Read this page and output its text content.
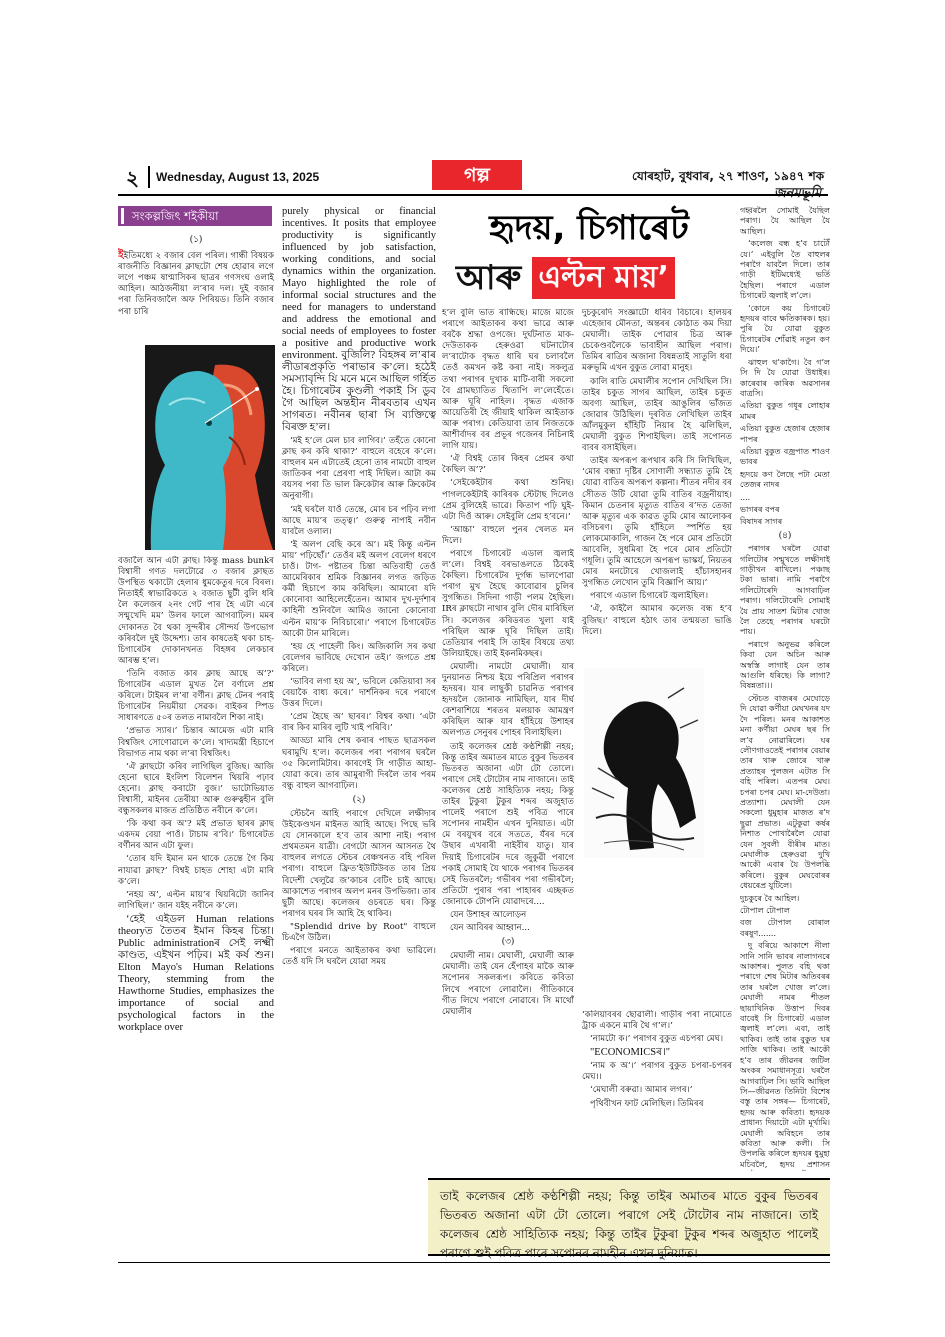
২ Wednesday, August 13, 2025	গল্প	যোৰহাট, বুধবাৰ, ২৭ শাওণ, ১৯৪৭ শক
সংকল্পজিৎ শইকীয়া
(১)

ইইতিমধ্যে ২ বজাৰ বেল পৰিল। গান্ধী বিষয়ক ৰাজনীতি বিজ্ঞানৰ ক্লাছটো শেষ হোৱাৰ লগে লগে পঞ্চম ষাণ্মাসিকৰ ছাত্ৰৰ গণসংঘ ওলাই আহিল। আঠজনীয়া ল’ৰাৰ দল। দুই বজাৰ পৰা তিনিবজালৈ অফ পিৰিয়ড। তিনি বজাৰ পৰা চাৰি

বজালৈ আন এটা ক্লাছ। কিন্তু mass bunkৰ বিশ্বাসী গণত দলটোৱে ৩ বজাৰ ক্লাছত উপস্থিত থকাটো হেলাৰ ধুমকেতুৰ দৰে বিৰল। নিতাইহঁ স্বাভাৱিকতে ২ বজাত ছুটী বুলি ধৰি লৈ কলেজৰ ২নং গেট পাৰ হৈ এটা এৰে সন্মুখেদি মম’ উলৰ ফালে আগবাঢ়িল। মমৰ দোকানত বৈ থকা সুন্দৰীৰ সৌন্দৰ্য উপভোগ কৰিবলৈ দুই উদ্দেশ্য। তাৰ কাষতেই থকা চাহ-চিগাৰেটৰ দোকানখনত বিহঙ্গৰ লেকচাৰ আৰম্ভ হ’ল।

‘তিনি বজাত কাৰ ক্লাছ আছে অ’?’ চিগাৰেটৰ এডাল মুখত লৈ বৰ্ণালে প্ৰশ্ন কৰিলে। টাইমৰ ল’ৰা বৰ্ণীন। ক্লাছ টেনৰ পৰাই চিগাৰেটৰ নিয়মীয়া সেৱক। বাইকৰ স্পিড সাধাৰণতে ৫০ৰ তলত নামাবলৈ শিকা নাই।

‘প্ৰভাত স্যাৰ।’ চিন্তাৰ আমেজ এটা মাৰি বিশ্বজিৎ সোণোৱালে ক’লে। খাদ্যমন্ত্ৰী হিচাপে বিভাগত নাম থকা ল’ৰা বিশ্বজিৎ।

‘ঐ ক্লাছটো কৰিব লাগিছিল বুজিছ। আজি হেনো ছাৰে ইংলিশ বিলেশন থিয়ৰি পঢ়াব হেনো। ক্লাছ কৰাটো বুজ।’ ভাটোভিয়াত বিশ্বাসী, মাইনৰ তেৰীয়া আৰু গুৰুত্বহীন বুলি বন্ধুসকলৰ মাজত প্ৰতিষ্ঠিত নবীনে ক’লে।

‘কি কথা কৰ অ’? মই প্ৰভাত ছাৰৰ ক্লাছ একদম বেয়া পাওঁ। টাচাম ৰ’বি।’ চিগাৰেটত বৰ্ণীনৰ আন এটা ফুল।

‘তোৰ যদি ইমান মন থাকে তেন্তে গৈ কিয় নাযাৱা ক্লাছ?’ বিশ্বই চাহত শোহা এটা মাৰি ক’লে।

‘নহয় অ’, এল্টন মায়’ৰ থিয়ৰিটো জানিব লাগিছিল।’ জান যইহ নবীনে ক’লে।

‘হেই এইডল Human relations theoryত তৈতৰ ইমান কিহৰ চিন্তা। Public administrationৰ সেই লক্ষ্মী কাণ্ডত, এইখন পঢ়িব। মই কৰ্ষ শুন। Elton Mayo's Human Relations Theory, stemming from the Hawthorne Studies, emphasizes the importance of social and psychological factors in the workplace over

purely physical or financial incentives. It posits that employee productivity is significantly influenced by job satisfaction, working conditions, and social dynamics within the organization. Mayo highlighted the role of informal social structures and the need for managers to understand and address the emotional and social needs of employees to foster a positive and productive work environment. বুজিলি? বিহঙ্গৰ ল’ৰাৰ লীডাৰপ্ৰকৃতি পৰাভাৰ ক’লে। হঠেই সমস্যাবৃন্দি যি মনে মনে আছিল গৰ্হিত হৈ। চিগাৰেটৰ কুণ্ডলী পকাই সি ডুব গৈ আছিল অন্তহীন নীৰবতাৰ এখন সাগৰত। নবীনৰ ছাৰা সি ব্যক্তিত্বে বিৰক্ত হ’ল।

‘মই হ’লে মেল চাব লাগিব।’ তহঁতে কোনো ক্লাছ কৰ কৰি থাকা?’ বাহুলে বহেৰে ক’লে। বাহুলৰ মন এটাতেই হেনো তাৰ নামটো বাহুল জাতিকৰ পৰা প্ৰেৰণা পাই দিছিল। আটা কম বয়সৰ পৰা তি ভাল ক্ৰিকেটাৰ আৰু ক্ৰিকেটৰ অনুৰাগী।

‘মই ঘৰলৈ যাওঁ তেন্তে, মোৰ চৰ পঢ়িব লগা আছে মায়’ৰ তত্ত্ব।’ গুৰুত্ব নাপাই নবীন যাবলৈ ওলাল।

‘ই অলপ বেছি কৰে অ’। মই কিন্তু এল্টন মায়’ পঢ়িছোঁ।’ তেওঁৰ মই অলপ বেলেগ ধৰণে চাওঁ। টাগ- পষ্টাতৰ চিন্তা অতিবাহী তেওঁ আমেৰিকাৰ শ্ৰমিক বিজ্ঞানৰ লগত জড়িত কৰ্মী হিচাপে কাম কৰিছিল। আমাৰো যদি কোনোবা আহিলেহেঁতেন। আমাৰ দুখ-দুৰ্দশাৰ কাহিনী শুনিবলৈ আমিও জানো কোনোবা এল্টন মায়’ক নিবিচাৰো।’ পৰাগে চিগাৰেটত আকৌ টান মাৰিলে।

‘হয় হে পাহেলী কিং। অজিকালি সৰ কথা বেলেগৰ ভাবিছে দেখোন তই।’ জগতে প্ৰশ্ন কৰিলে।

‘ভাবিব লগা হয় অ’, ভবিলে কেতিয়াবা সৰ বেয়াকৈ বাধ্য কৰে।’ দাৰ্শনিকৰ দৰে পৰাগে উত্তৰ দিলে।

‘প্ৰেম হৈছে অ’ ছাৰৰ।’ বিশ্বৰ কথা। ‘এটা বাৰ কিব মাৰিব লুটি খাই পৰিবি।’

আড্ডা মাৰি শেষ কৰাৰ পাছত ছাত্ৰসকল ঘৰামুখি হ’ল। কলেজৰ পৰা পৰাগৰ ঘৰলৈ ৩৫ কিলোমিটাৰ। কাৰণেই সি গাড়ীত আহা-যোৱা কৰে। তাৰ আমুৰাগী দিৰলৈ তাৰ পৰম বন্ধু বাহুল আগবাঢ়িল।

(২)

স্টেচনৈ আহি পৰাগে দেখিলে লক্ষীদাৰ উইকেণ্ডখন মাইনত আহি আছে। পিছে ভৰি যে সোনকালে হ’ব তাৰ আশা নাই। পৰাগ প্ৰথমতমন যাত্ৰী। বেগটো আসন আসনত থৈ বাহুলৰ লগতে স্টেচৰ বেঞ্চখনত বহি পৰিল পৰাগ। বাহুলে ফ্ৰিত’ইউটিউবত তাৰ প্ৰিয় বিদেশী খেলুৱৈ জ’কাচৰ বেটিং চাই আছে। আকাশেত পৰাগৰ অলপ মনৰ উপভিজা। তাৰ ছুটী আছে। কলেজৰ ওচৰতে ঘৰ। কিন্তু পৰাগৰ ঘৰৰ সি আহি হৈ থাকিব।

"Splendid drive by Root" বাহুলে চিএগৈ উঠিল।

পৰাগে মনতে আইতাকৰ কথা ভাৱিলে। তেওঁ যদি সি ঘৰলৈ যোৱা সময়

হৃদয়, চিগাৰেট
আৰু এল্টন মায়’

হ’ল বুলি ভাত ৰান্ধিছে। মাজে মাজে পৰাগে আইতাকৰ কথা ভাৱে আৰু বৰকৈ শ্ৰদ্ধা ওপজে। দুৰ্ঘটনাত মাক-দেউতাকক হেৰুওৱা ঘটনাটোৰ ল’ৰাটোক বৃদ্ধত ধাৰি ঘৰ চলাবলৈ তেওঁ কমখন কষ্ট কৰা নাই। সকলুত্ৰ তথা পৰাগৰ দুখাক মাটি-বাৰী সকলো বৈ গ্ৰামছ্যাতিত থিতাপি ল’লেহেঁতে। আৰু ঘূৰি নাহিল। বৃদ্ধত এজাক আয়েতিৰী হৈ জীয়াই থাকিল আইতাক আৰু পৰাগ। কেতিয়াবা তাৰ নিজতকে আশীৰ্বাদৰ বৰ প্ৰভূৰ গজেনৰ নিচিনাই লাগি যায়।

‘ঐ বিশ্বই তোৰ কিহৰ প্ৰেমৰ কথা কৈছিল অ’?’

‘সেইকেইটাৰ কথা শুনিছ। পাগলকেইটাই কাৰিৰক স্টেটাছ দিলেও প্ৰেম বুলিহেই ভাৱে। কিতাপ পঢ়ি ঘুই-এটা দিওঁ আৰু। সেইবুলি প্ৰেম হ’বনে।’

‘আচ্চা’ বাহুলে পুনৰ খেলত মন দিলে।

পৰাগে চিগাৰেট এডাল জ্বলাই ল’লে। বিশ্বই বৰভাঙলতে ঠিকেই কৈছিল। চিগাৰেটৰ দুৰ্গন্ধ ভালপোৱা পৰাগ মুখ হৈছে কাবোৱাৰ চুলিৰ সুগন্ধিত। সিদিনা গাড়ী পলম হৈছিল। IRৰ ক্লাছটো নাথাৰ বুলি দৌৰ মাৰিছিল সি। কলেজৰ কৰিডৰত খুলা যাই পৰিছিল আৰু ঘূৰি দিছিল তাই। তেতিয়াৰ পৰাই সি তাইৰ বিষয়ে তথ্য উলিয়াইছে। তাই ইকনমিকছৰ।

মেঘালী। নামটো মেঘালী। যাৰ দুনয়ানত নিশ্চয় ইয়ে পৰিপ্ৰিল পৰাগৰ হৃদয়ৰ। যাৰ লাছুকী চাৱনিত পৰাগৰ হৃদয়লৈ জোনাক নামিছিল, যাৰ দীৰ্ঘ কেশৰাশিয়ে শৰতৰ মলয়াক আমন্ত্ৰণ কৰিছিল আৰু যাৰ হাঁহিয়ে উশাহৰ অলপ্যত সেনুৰৰ পোহৰ বিলাইছিল।

তাই কলেজৰ শ্ৰেষ্ঠ কণ্ঠশিল্পী নহয়; কিন্তু তাইৰ অমাতৰ মাতে বুকুৰ ভিতৰৰ ভিতৰত অজানা এটা টো তোলে। পৰাগে সেই টোটোৰ নাম নাজানে। তাই কলেজৰ শ্ৰেষ্ঠ সাহিত্যিক নহয়; কিন্তু তাইৰ টুকুৰা টুকুৰ শব্দৰ অজুহাত পালেই পৰাগে শুই পবিত্ৰ পাৰে সপোনৰ নামহীন এখন দুনিয়াত। এটা মে বৰযুখৰ বৰে সততে, যঁৰৰ দৰে উছাৰ এখৰাৰী নাইবীৰ যাতু। যাৰ দিয়াই চিগাৰেটৰ দৰে জুকুৱী পৰাগে পকাই সোমাই যৈ থাকে পৰাগৰ ভিতৰৰ সেই ভিতৰলৈ; গভীৰৰ পৰা গভীৰলৈ; প্ৰতিটো পুৰাৰ পৰা পাহাৰৰ এচ্ছকত জোনাকে টোপনি যোৱাদৰে....

যেন উশাহৰ আলোড়ন

যেন আবিৰৰ আহ্বান...

(৩)

মেঘালী নাম। মেঘালী, মেঘালী আৰু মেঘালী। তাই যেন হেঁপাহৰ মাকৈ আৰু সপোনৰ সকলৰূপ। কবিতে কবিতা লিখে পৰাগে লোৱালৈ। গীতিকাৰে গীত লিখে পৰাগে নোৱাৰে। সি মাথোঁ মেঘালীৰ

দুচকুৰেদি সংজ্ঞাটো ধৰিব বিচাৰে। হালয়ৰ এহেজাৰ মৌনতা, অন্তৰৰ কোঠাত কম দিয়া মেঘালী। তাইক পোৱাৰ চিত্ৰ আৰু চেকেণ্ডবলৈকে ভাবাহীন আছিল পৰাগ। তিমিৰ ৰাত্ৰিৰ অজানা বিষন্নতাই সাতুলি ধৰা মৰুভূমি এখন বুকুত লোৱা মানুহ।

কালি ৰাতি মেঘালীৰ সপোন দেখিছিল সি। তাইৰ চকুত সাগৰ আছিল, তাইৰ চকুত অবণ্য আছিল, তাইৰ আঙুলিৰ ভাঁজত জোৱাৰ উঠিছিল। দূৰবিত লেখিছিল তাইৰ আঁলমুকুল হাঁহিটি নিয়াৰ হৈ ঝলিছিল, মেঘালী বুকুত শিপাইছিল। তাই সপোনত বাবৰ বসাইছিল।

তাইৰ অপৰূপ ৰূপথাৰ কৰি সি লিখিছিল, ‘মোৰ বন্ধ্যা দৃষ্টিৰ সোণালী সন্ধ্যাত তুমি হৈ যোৱা বাতিৰ অপৰূপ কল্পনা। শীতৰ নদীৰ বৰ সেীতত উটি যোৱা তুমি বাতিৰ বজ্ৰনীয়াহ। কিমান চেতনাৰ মৃত্যুত বাতিৰ ৰ’দত তেজা আৰু মৃত্যুৰ এক কাৱত তুমি মোৰ আলোকৰ বসিচৰণ। তুমি হাঁহিলে স্পৰ্শিত হয় লোকমোকালি, গাজন হৈ পৰে মোৰ প্ৰতিটো আবেলি, সুধমিৰা হৈ পৰে মোৰ প্ৰতিটো গধূলি। তুমি আহেলে অপৰূপ ভাস্কৰ্য, নিয়তৰ মোৰ মনটোৰে খোজলাই হাঁচাসহানৰ সুগন্ধিত লেখোন তুমি বিজ্ঞাপি আয়।’

পৰাগে এডাল চিগাৰেট জ্বলাইছিল।

‘ঐ, কাইলৈ আমাৰ কলেজ বন্ধ হ’ব বুজিছ।’ বাহুলে হঠাৎ তাৰ তন্ময়তা ভাঙি দিলে।

‘কলিয়াবৰৰ ছোৱালী। গাড়ীৰ পৰা নামোতে ট্ৰাক একনে মাৰি থৈ গ’ল।’

‘নামটো ক।’ পৰাগৰ বুকুত এচপৰা মেঘ।

"ECONOMICSৰ।"

‘নাম ক অ’।’ পৰাগৰ বুকুত চপৰা-চপৰৰ মেঘ।।

‘মেঘালী বৰুৱা। আমাৰ লগৰ।’

পৃথিবীখন ফাট মেলিছিল। তিমিৰৰ

গহ্বৰলৈ সোমাই যৈছিল পৰাগ। যৈ আছিল যৈ আছিল।

‘কলেজ বন্ধ হ’ব চাটোঁ যে।’ এইবুলি তৈ বাহুলৰ পৰাগৈ যাবলৈ দিলে। তাৰ গাড়ী ইটিমধ্যেই ভৰ্তি হৈছিল। পৰাগে এডাল চিগাৰেট জ্বলাই ল’লে।

‘কোনে কয় চিগাৰেট হৃদয়ৰ বাবে ক্ষতিকাৰক। হয়। পুৰি যৈ যোৱা বুকুত চিগাৰেটৰ শোঁৱাই নতুন কণ দিয়ে।’

ঝাহুল থ’কাগৈ। বৈ গ’ল সি দি যৈ যোৱা উধাইৰ। কাৰেবাৰ কাৰিক অৱসানৰ বাত্ৰসি।

এতিয়া বুকুত গধূৰ লোহাৰ মামৰ

এতিয়া বুকুত হেজাৰ হেজাৰ পাপৰ

এতিয়া বুকুত বজ্ৰপাত শাওণ ভাবৰ

হৃদয়ে কণ লৈছে পটা মেতা তেজৰ নাদৰ

....

ভাগৰৰ বপৰ

বিষাদৰ সাগৰ

(৪)

পৰাগৰ ঘৰলৈ যোৱা গলিটোৰ সন্মুখতে লক্ষীদাই গাড়ীখন ৰাখিলে। পঞ্চাছ টকা ভাৰা। নামি পৰাগৈ গলিটোৰেদি আগবাঢ়িল পৰাগ। গলিটোৰেদি সোমাই যৈ প্ৰায় সাতশ মিটাৰ খোজ লৈ তেহে পৰাগৰ ঘৰটো পায়।

পৰাগে অনুভৱ কৰিলে কিবা যেন অচিন আৰু অস্বস্তি লাগাই যেন তাৰ আগুলি ধৰিছে। কি লাগা? বিষন্নতা।।।

স্টেচত বাজৰৰ মেঘোড়ে দি যোৱা কৰ্ণীয়া মেঘখনৰ যদ দৈ পৰিল। মনৰ আকাশত মনা কৰ্ণীয়া মেঘৰ ছৰ সি ল’ব নোৱাৰিলে। ঘৰ লৌণগাওতেই পৰাগৰ বেয়াৰ তাৰ খাৰু জোৰে খাৰু প্ৰত্যাহৰ পুলজন এটাত সি বহি পৰিল। এতপৰ মেঘ। চপৰা চপৰ মেঘ। মা-দেউতা। প্ৰত্যাশা। মেঘালী যেন সকলো ধুমুহাৰ মাজত ৰ’দ ছুৱা প্ৰভাত। এটুকুৱা কৰ্ষৰ নিশাত পোখাৰৈলৈ যোৱা যেন সুবলী বীৰীৰ মাত। মেঘালীক হেৰুওৱা দুখি আকৌ এবাৰ যৈ উপলব্ধি কৰিলে। বুকুৰ মেঘবোৰৰ ধেয়ৰেপ্ৰ যুটিলে।

দুচকুৰে বৈ আহিল।

টোপাল টোপাল

বজ টোপাল বোৰাল বৰষুণ.......

দু বৰিয়ে আকাশে নীলা সানি সানি ভাবৰ নালাগনৰে আকাশৰ। পুলত বহি থকা পৰাগে শেষ মিটাৰ অতিবৰৰ তাৰ ঘৰলৈ খোজ ল’লে। মেঘালী নামৰ শীতল ছায়াখিনিক উত্তাপ দিবৰ বাবেই সি চিগাৰেট এডাল জ্বলাই ল’লে। এবা, তাই থাকিব। তাই তাৰ বুকুত ঘৰ সাজি থাকিব। তাই আকৌ হ’ব তাৰ জীৱনৰ জটিল অংকৰ সমাধানসূত্ৰ। ঘৰলৈ আগবাঢ়িল সি। ভাবি আছিল সি—জীৱনত তিনিটা বিশেষ বস্তু তাৰ সঙ্গৰ— চিগাৰেট, হৃদয় আৰু কবিতা। হৃদয়ক প্ৰাধান্য দিয়াটো এটা মূৰ্খামি। মেঘালী অবিহনে তাৰ কবিতা আৰু কলী। সি উপলব্ধি কৰিলে হৃদয়ৰ ধুমুহা মচিবলৈ, হৃদয় প্ৰশাসন

তাই কলেজৰ শ্ৰেষ্ঠ কণ্ঠশিল্পী নহয়; কিন্তু তাইৰ অমাতৰ মাতে বুকুৰ ভিতৰৰ ভিতৰত অজানা এটা টো তোলে। পৰাগে সেই টোটোৰ নাম নাজানে। তাই কলেজৰ শ্ৰেষ্ঠ সাহিত্যিক নহয়; কিন্তু তাইৰ টুকুৰা টুকুৰ শব্দৰ অজুহাত পালেই পৰাগে শুই পবিত্ৰ পাৰে সপোনৰ নামহীন এখন দুনিয়াত।
